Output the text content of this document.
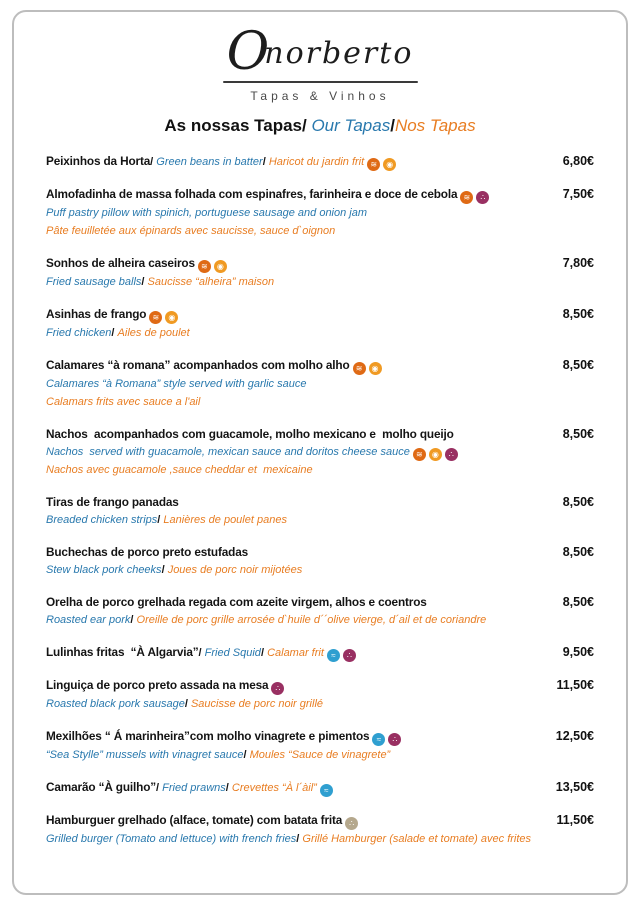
Onorberto
Tapas & Vinhos
As nossas Tapas/ Our Tapas/Nos Tapas
Peixinhos da Horta/ Green beans in batter/ Haricot du jardin frit ≋ ◉	6,80€
Almofadinha de massa folhada com espinafres, farinheira e doce de cebola ≋ ∴	7,50€
Puff pastry pillow with spinich, portuguese sausage and onion jam
Pâte feuilletée aux épinards avec saucisse, sauce d`oignon
Sonhos de alheira caseiros ≋ ◉	7,80€
Fried sausage balls/ Saucisse “alheira” maison
Asinhas de frango ≋ ◉	8,50€
Fried chicken/ Ailes de poulet
Calamares “à romana” acompanhados com molho alho ≋ ◉	8,50€
Calamares “à Romana” style served with garlic sauce
Calamars frits avec sauce a l'ail
Nachos  acompanhados com guacamole, molho mexicano e  molho queijo	8,50€
Nachos  served with guacamole, mexican sauce and doritos cheese sauce ≋ ◉ ∴
Nachos avec guacamole ,sauce cheddar et  mexicaine
Tiras de frango panadas	8,50€
Breaded chicken strips/ Lanières de poulet panes
Buchechas de porco preto estufadas	8,50€
Stew black pork cheeks/ Joues de porc noir mijotées
Orelha de porco grelhada regada com azeite virgem, alhos e coentros	8,50€
Roasted ear pork/ Oreille de porc grille arrosée d`huile d´´olive vierge, d´ail et de coriandre
Lulinhas fritas  “À Algarvia”/ Fried Squid/ Calamar frit ≈ ∴	9,50€
Linguiça de porco preto assada na mesa ∴	11,50€
Roasted black pork sausage/ Saucisse de porc noir grillé
Mexilhões “ Á marinheira”com molho vinagrete e pimentos ≈ ∴	12,50€
“Sea Stylle” mussels with vinagret sauce/ Moules “Sauce de vinagrete”
Camarão “À guilho”/ Fried prawns/ Crevettes “À l´àil” ≈	13,50€
Hamburguer grelhado (alface, tomate) com batata frita ∴	11,50€
Grilled burger (Tomato and lettuce) with french fries/ Grillé Hamburger (salade et tomate) avec frites
